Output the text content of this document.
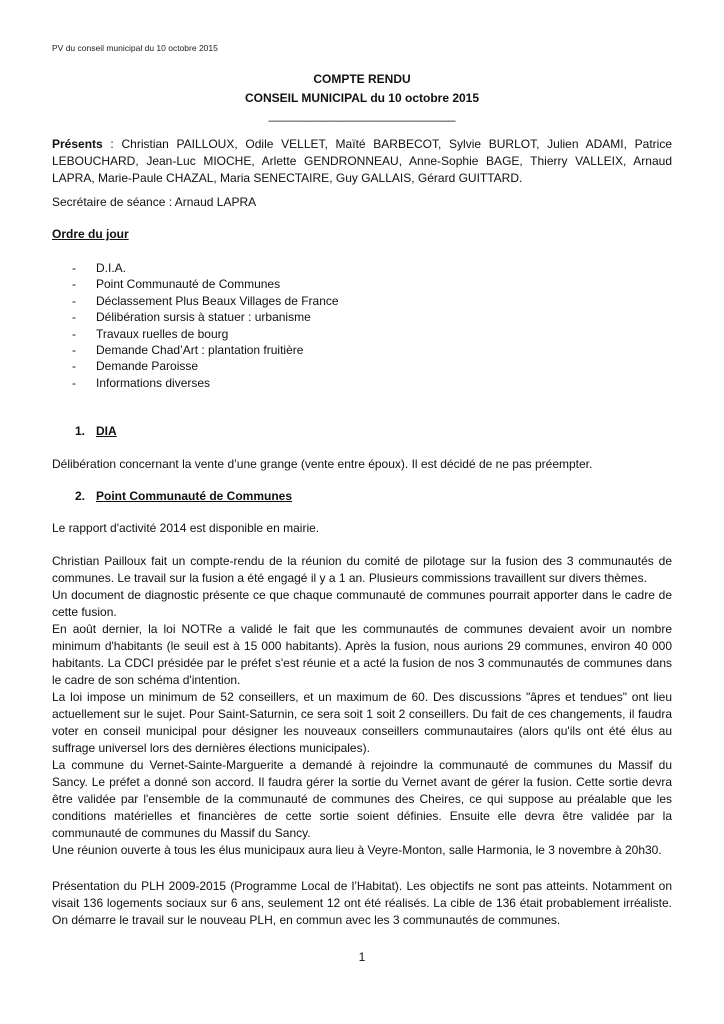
PV du conseil municipal du 10 octobre 2015
COMPTE RENDU
CONSEIL MUNICIPAL du 10 octobre 2015
____________________________
Présents : Christian PAILLOUX, Odile VELLET, Maïté BARBECOT, Sylvie BURLOT, Julien ADAMI, Patrice LEBOUCHARD, Jean-Luc MIOCHE, Arlette GENDRONNEAU, Anne-Sophie BAGE, Thierry VALLEIX, Arnaud LAPRA, Marie-Paule CHAZAL, Maria SENECTAIRE, Guy GALLAIS, Gérard GUITTARD.
Secrétaire de séance : Arnaud LAPRA
Ordre du jour
- D.I.A.
- Point Communauté de Communes
- Déclassement Plus Beaux Villages de France
- Délibération sursis à statuer : urbanisme
- Travaux ruelles de bourg
- Demande Chad’Art : plantation fruitière
- Demande Paroisse
- Informations diverses
1. DIA
Délibération concernant la vente d’une grange (vente entre époux). Il est décidé de ne pas préempter.
2. Point Communauté de Communes
Le rapport d'activité 2014 est disponible en mairie.

Christian Pailloux fait un compte-rendu de la réunion du comité de pilotage sur la fusion des 3 communautés de communes. Le travail sur la fusion a été engagé il y a 1 an. Plusieurs commissions travaillent sur divers thèmes.

Un document de diagnostic présente ce que chaque communauté de communes pourrait apporter dans le cadre de cette fusion.

En août dernier, la loi NOTRe a validé le fait que les communautés de communes devaient avoir un nombre minimum d'habitants (le seuil est à 15 000 habitants). Après la fusion, nous aurions 29 communes, environ 40 000 habitants. La CDCI présidée par le préfet s'est réunie et a acté la fusion de nos 3 communautés de communes dans le cadre de son schéma d'intention.

La loi impose un minimum de 52 conseillers, et un maximum de 60. Des discussions "âpres et tendues" ont lieu actuellement sur le sujet. Pour Saint-Saturnin, ce sera soit 1 soit 2 conseillers. Du fait de ces changements, il faudra voter en conseil municipal pour désigner les nouveaux conseillers communautaires (alors qu'ils ont été élus au suffrage universel lors des dernières élections municipales).

La commune du Vernet-Sainte-Marguerite a demandé à rejoindre la communauté de communes du Massif du Sancy. Le préfet a donné son accord. Il faudra gérer la sortie du Vernet avant de gérer la fusion. Cette sortie devra être validée par l'ensemble de la communauté de communes des Cheires, ce qui suppose au préalable que les conditions matérielles et financières de cette sortie soient définies. Ensuite elle devra être validée par la communauté de communes du Massif du Sancy.

Une réunion ouverte à tous les élus municipaux aura lieu à Veyre-Monton, salle Harmonia, le 3 novembre à 20h30.

Présentation du PLH 2009-2015 (Programme Local de l’Habitat). Les objectifs ne sont pas atteints. Notamment on visait 136 logements sociaux sur 6 ans, seulement 12 ont été réalisés. La cible de 136 était probablement irréaliste. On démarre le travail sur le nouveau PLH, en commun avec les 3 communautés de communes.
1
